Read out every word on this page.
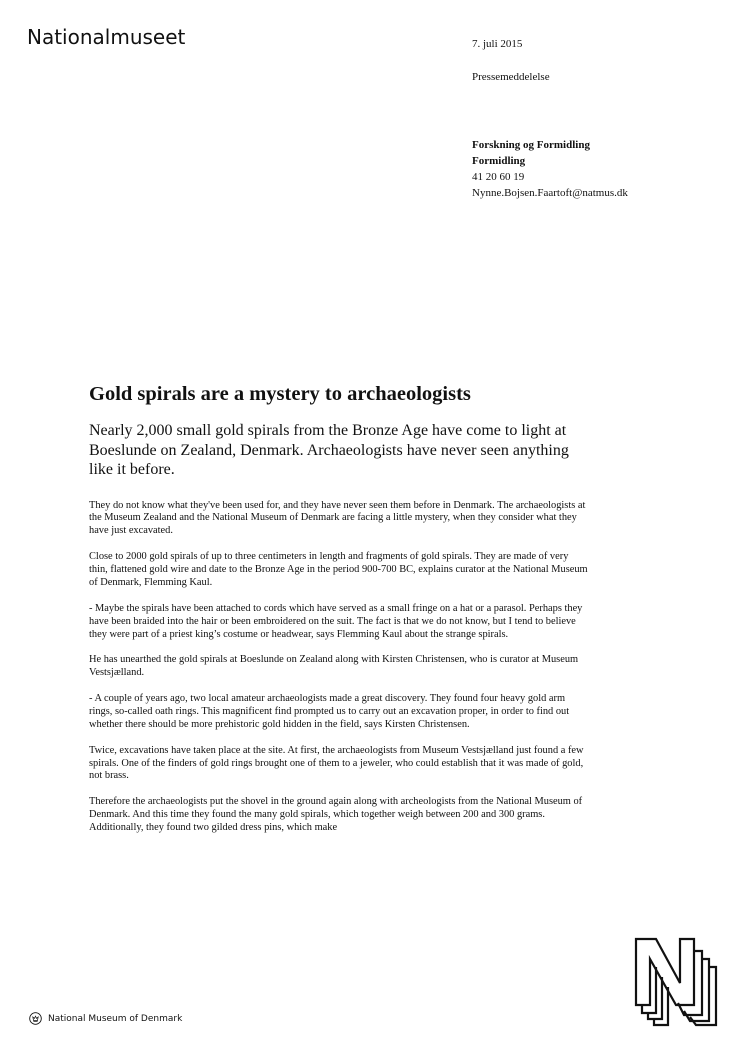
Nationalmuseet	7. juli 2015
Pressemeddelelse
Forskning og Formidling
Formidling
41 20 60 19
Nynne.Bojsen.Faartoft@natmus.dk
Gold spirals are a mystery to archaeologists

Nearly 2,000 small gold spirals from the Bronze Age have come to light at Boeslunde on Zealand, Denmark. Archaeologists have never seen anything like it before.

They do not know what they've been used for, and they have never seen them before in Denmark. The archaeologists at the Museum Zealand and the National Museum of Denmark are facing a little mystery, when they consider what they have just excavated.

Close to 2000 gold spirals of up to three centimeters in length and fragments of gold spirals. They are made of very thin, flattened gold wire and date to the Bronze Age in the period 900-700 BC, explains curator at the National Museum of Denmark, Flemming Kaul.

- Maybe the spirals have been attached to cords which have served as a small fringe on a hat or a parasol. Perhaps they have been braided into the hair or been embroidered on the suit. The fact is that we do not know, but I tend to believe they were part of a priest king’s costume or headwear, says Flemming Kaul about the strange spirals.

He has unearthed the gold spirals at Boeslunde on Zealand along with Kirsten Christensen, who is curator at Museum Vestsjælland.

- A couple of years ago, two local amateur archaeologists made a great discovery. They found four heavy gold arm rings, so-called oath rings. This magnificent find prompted us to carry out an excavation proper, in order to find out whether there should be more prehistoric gold hidden in the field, says Kirsten Christensen.

Twice, excavations have taken place at the site. At first, the archaeologists from Museum Vestsjælland just found a few spirals. One of the finders of gold rings brought one of them to a jeweler, who could establish that it was made of gold, not brass.

Therefore the archaeologists put the shovel in the ground again along with archeologists from the National Museum of Denmark. And this time they found the many gold spirals, which together weigh between 200 and 300 grams. Additionally, they found two gilded dress pins, which make

National Museum of Denmark
